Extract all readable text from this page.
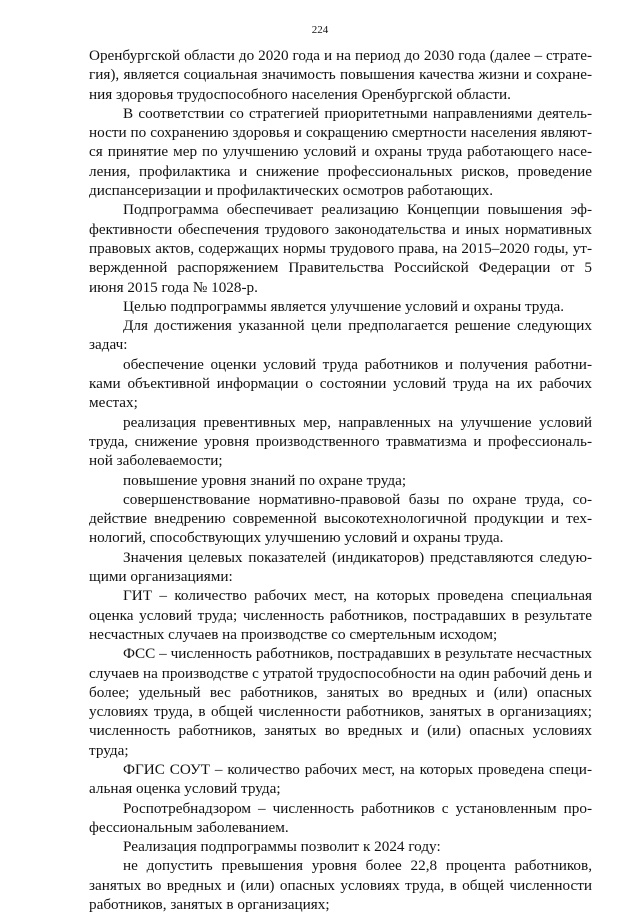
224

Оренбургской области до 2020 года и на период до 2030 года (далее – стратегия), является социальная значимость повышения качества жизни и сохранения здоровья трудоспособного населения Оренбургской области.

В соответствии со стратегией приоритетными направлениями деятельности по сохранению здоровья и сокращению смертности населения являются принятие мер по улучшению условий и охраны труда работающего населения, профилактика и снижение профессиональных рисков, проведение диспансеризации и профилактических осмотров работающих.

Подпрограмма обеспечивает реализацию Концепции повышения эффективности обеспечения трудового законодательства и иных нормативных правовых актов, содержащих нормы трудового права, на 2015–2020 годы, утвержденной распоряжением Правительства Российской Федерации от 5 июня 2015 года № 1028-р.

Целью подпрограммы является улучшение условий и охраны труда.

Для достижения указанной цели предполагается решение следующих задач:

обеспечение оценки условий труда работников и получения работниками объективной информации о состоянии условий труда на их рабочих местах;

реализация превентивных мер, направленных на улучшение условий труда, снижение уровня производственного травматизма и профессиональной заболеваемости;

повышение уровня знаний по охране труда;

совершенствование нормативно-правовой базы по охране труда, содействие внедрению современной высокотехнологичной продукции и технологий, способствующих улучшению условий и охраны труда.

Значения целевых показателей (индикаторов) представляются следующими организациями:

ГИТ – количество рабочих мест, на которых проведена специальная оценка условий труда; численность работников, пострадавших в результате несчастных случаев на производстве со смертельным исходом;

ФСС – численность работников, пострадавших в результате несчастных случаев на производстве с утратой трудоспособности на один рабочий день и более; удельный вес работников, занятых во вредных и (или) опасных условиях труда, в общей численности работников, занятых в организациях; численность работников, занятых во вредных и (или) опасных условиях труда;

ФГИС СОУТ – количество рабочих мест, на которых проведена специальная оценка условий труда;

Роспотребнадзором – численность работников с установленным профессиональным заболеванием.

Реализация подпрограммы позволит к 2024 году:

не допустить превышения уровня более 22,8 процента работников, занятых во вредных и (или) опасных условиях труда, в общей численности работников, занятых в организациях;
